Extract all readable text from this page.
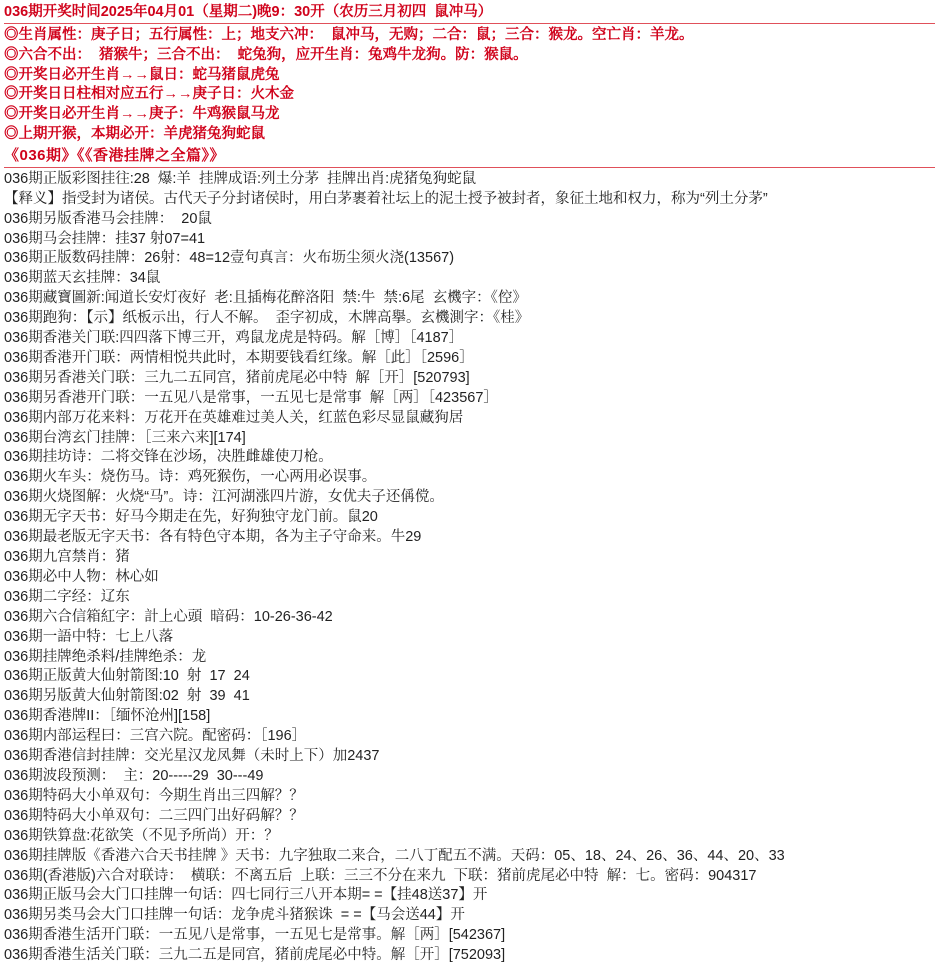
036期开奖时间2025年04月01（星期二)晚9：30开（农历三月初四  鼠冲马）
◎生肖属性：庚子日；五行属性：上；地支六冲：  鼠冲马，无购；二合：鼠；三合：猴龙。空亡肖：羊龙。
◎六合不出：  猪猴牛；三合不出：  蛇兔狗，应开生肖：兔鸡牛龙狗。防：猴鼠。
◎开奖日必开生肖→→鼠日：蛇马猪鼠虎兔
◎开奖日日柱相对应五行→→庚子日：火木金
◎开奖日必开生肖→→庚子：牛鸡猴鼠马龙
◎上期开猴，本期必开：羊虎猪兔狗蛇鼠
《036期》《《香港挂牌之全篇》》
036期正版彩图挂往:28  爆:羊  挂牌成语:列土分茅  挂牌出肖:虎猪兔狗蛇鼠
【释义】指受封为诸侯。古代天子分封诸侯时，用白茅裹着社坛上的泥土授予被封者，象征土地和权力，称为“列土分茅”
036期另版香港马会挂牌：  20鼠
036期马会挂牌：挂37 射07=41
036期正版数码挂牌：26射：48=12壹句真言：火布坜尘须火浇(13567)
036期蓝天玄挂牌：34鼠
036期藏寶圖新:闻道长安灯夜好  老:且插梅花醉洛阳  禁:牛  禁:6尾  玄機字：《倥》
036期跑狗：【示】纸板示出，行人不解。  歪字初成，木牌高擧。玄機測字：《桂》
036期香港关门联:四四落下博三开，鸡鼠龙虎是特码。解［博］［4187］
036期香港开门联：两情相悦共此时，本期要钱看红缘。解［此］［2596］
036期另香港关门联：三九二五同宫，猪前虎尾必中特  解［开］[520793]
036期另香港开门联：一五见八是常事，一五见七是常事  解［两］［423567］
036期内部万花来料：万花开在英雄难过美人关，红蓝色彩尽显鼠藏狗居
036期台湾玄门挂牌：［三来六来][174]
036期挂坊诗：二将交锋在沙场，决胜雌雄使刀枪。
036期火车头：烧伤马。诗：鸡死猴伤，一心两用必误事。
036期火烧图解：火烧“马”。诗：江河湖涨四片游，女优夫子还偁傥。
036期无字天书：好马今期走在先，好狗独守龙门前。鼠20
036期最老版无字天书：各有特色守本期，各为主子守命来。牛29
036期九宫禁肖：猪
036期必中人物：林心如
036期二字经：辽东
036期六合信箱紅字：計上心頭  暗码：10-26-36-42
036期一語中特：七上八落
036期挂牌绝杀料/挂牌绝杀：龙
036期正版黄大仙射箭图:10  射  17  24
036期另版黄大仙射箭图:02  射  39  41
036期香港牌II：［缅怀沧州][158]
036期内部运程曰：三宫六院。配密码：［196］
036期香港信封挂牌：交光星汉龙凤舞（未时上下）加2437
036期波段预测：  主：20-----29  30---49
036期特码大小单双句：今期生肖出三四解？？
036期特码大小单双句：二三四门出好码解？？
036期铁算盘:花欲笑（不见予所尚）开：？
036期挂牌版《香港六合天书挂牌 》天书：九字独取二来合，二八丁配五不满。天码：05、18、24、26、36、44、20、33
036期(香港版)六合对联诗：  横联：不离五后  上联：三三不分在来九  下联：猪前虎尾必中特  解：七。密码：904317
036期正版马会大门口挂牌一句话：四七同行三八开本期= =【挂48送37】开
036期另类马会大门口挂牌一句话：龙争虎斗猪猴诛  = =【马会送44】开
036期香港生活开门联：一五见八是常事，一五见七是常事。解［两］[542367]
036期香港生活关门联：三九二五是同宫，猪前虎尾必中特。解［开］[752093]
